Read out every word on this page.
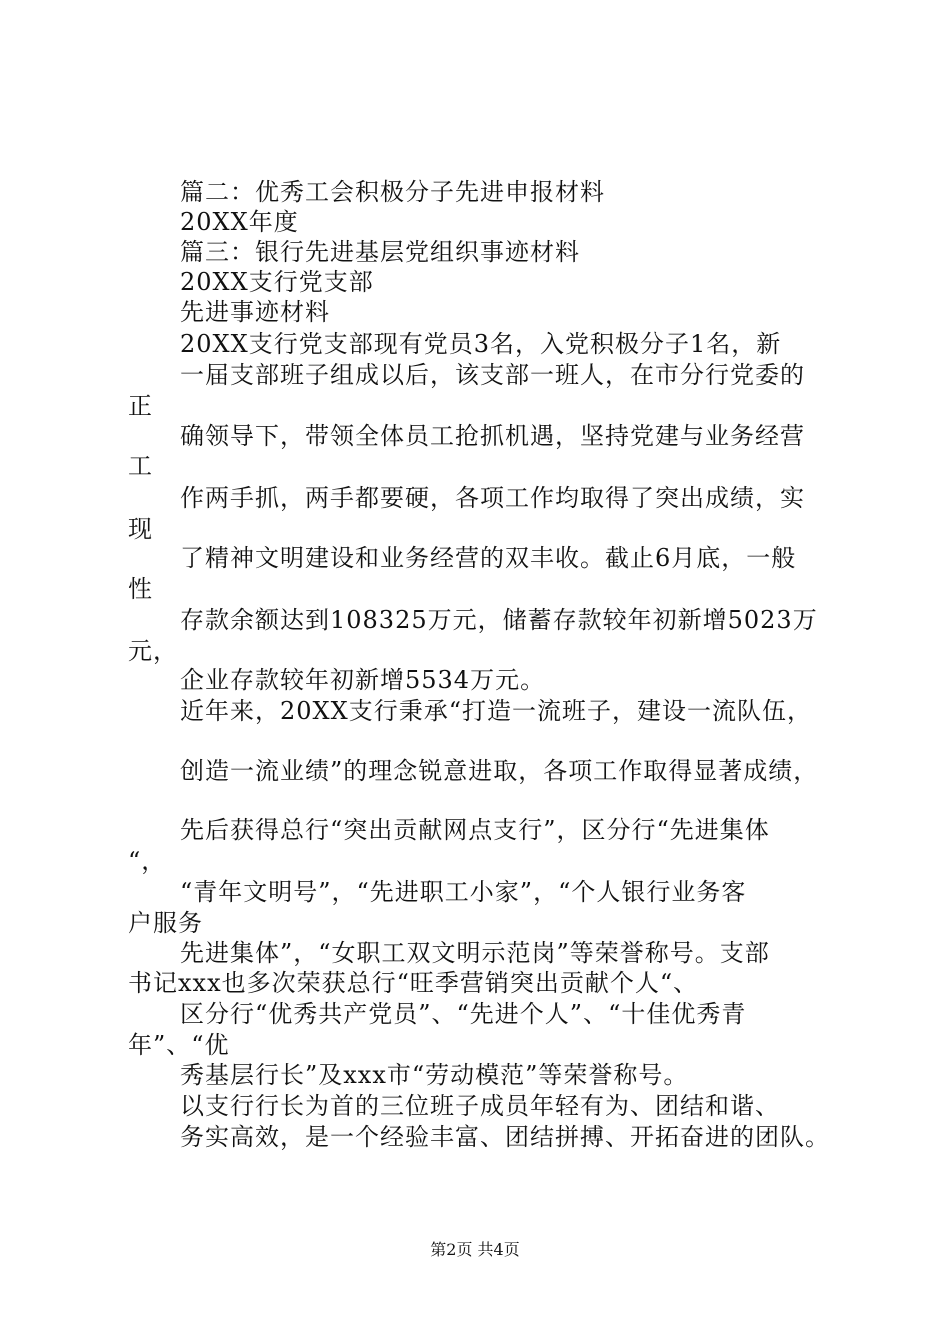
篇二：优秀工会积极分子先进申报材料
20XX年度
篇三：银行先进基层党组织事迹材料
20XX支行党支部
先进事迹材料
20XX支行党支部现有党员3名，入党积极分子1名，新
一届支部班子组成以后，该支部一班人，在市分行党委的
正
确领导下，带领全体员工抢抓机遇，坚持党建与业务经营
工
作两手抓，两手都要硬，各项工作均取得了突出成绩，实
现
了精神文明建设和业务经营的双丰收。截止6月底，一般
性
存款余额达到108325万元，储蓄存款较年初新增5023万
元，
企业存款较年初新增5534万元。
近年来，20XX支行秉承“打造一流班子，建设一流队伍，
创造一流业绩”的理念锐意进取，各项工作取得显著成绩，
先后获得总行“突出贡献网点支行”，区分行“先进集体
“，
“青年文明号”，“先进职工小家”，“个人银行业务客
户服务
先进集体”，“女职工双文明示范岗”等荣誉称号。支部
书记xxx也多次荣获总行“旺季营销突出贡献个人“、
区分行“优秀共产党员”、“先进个人”、“十佳优秀青
年”、“优
秀基层行长”及xxx市“劳动模范”等荣誉称号。
以支行行长为首的三位班子成员年轻有为、团结和谐、
务实高效，是一个经验丰富、团结拼搏、开拓奋进的团队。
第2页 共4页
